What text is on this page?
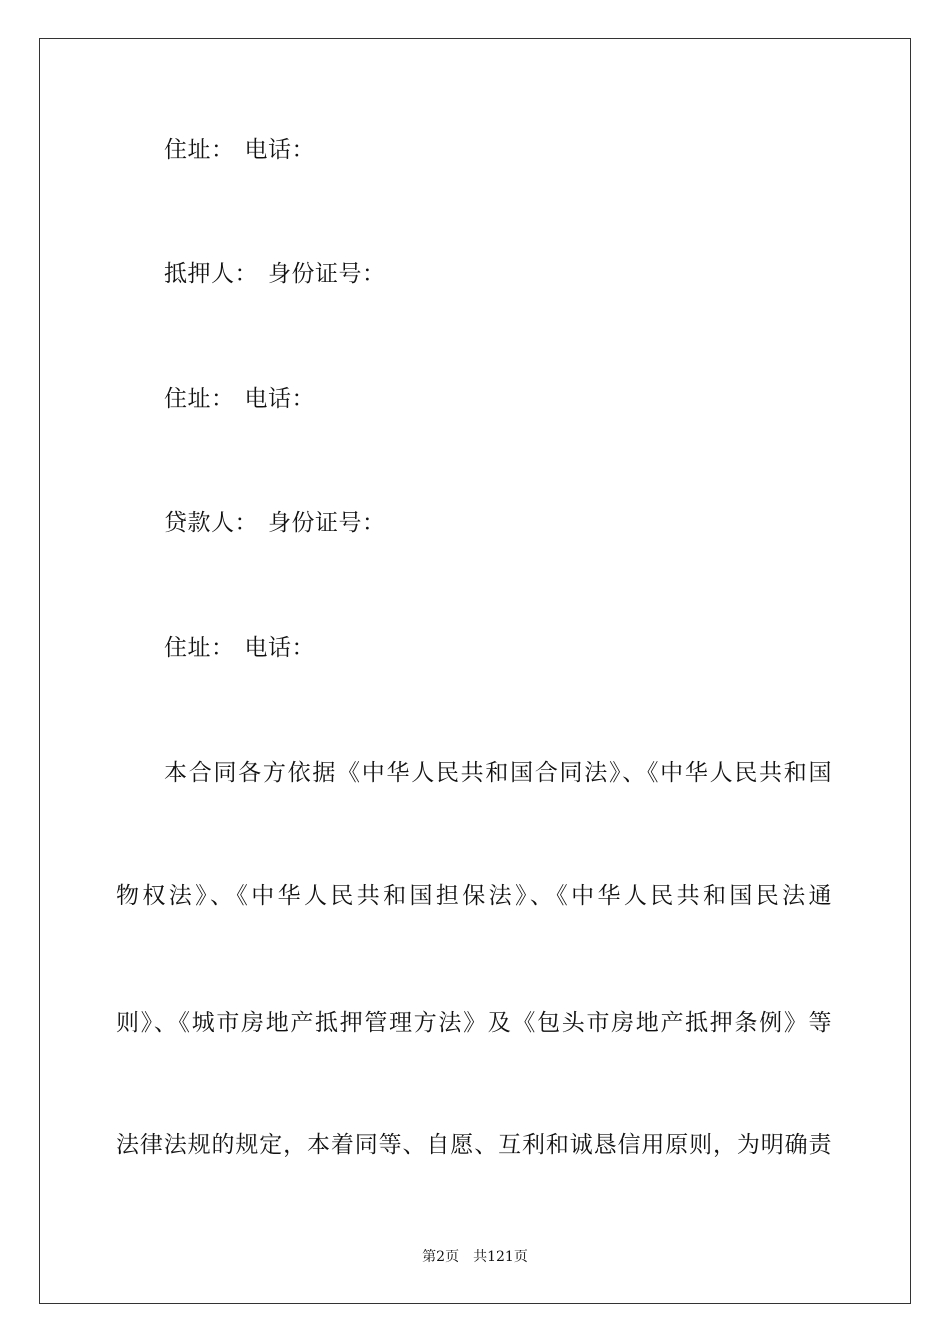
住址： 电话：
抵押人： 身份证号：
住址： 电话：
贷款人： 身份证号：
住址： 电话：
本合同各方依据《中华人民共和国合同法》、《中华人民共和国
物权法》、《中华人民共和国担保法》、《中华人民共和国民法通
则》、《城市房地产抵押管理方法》及《包头市房地产抵押条例》等
法律法规的规定，本着同等、自愿、互利和诚恳信用原则，为明确责
第2页 共121页
